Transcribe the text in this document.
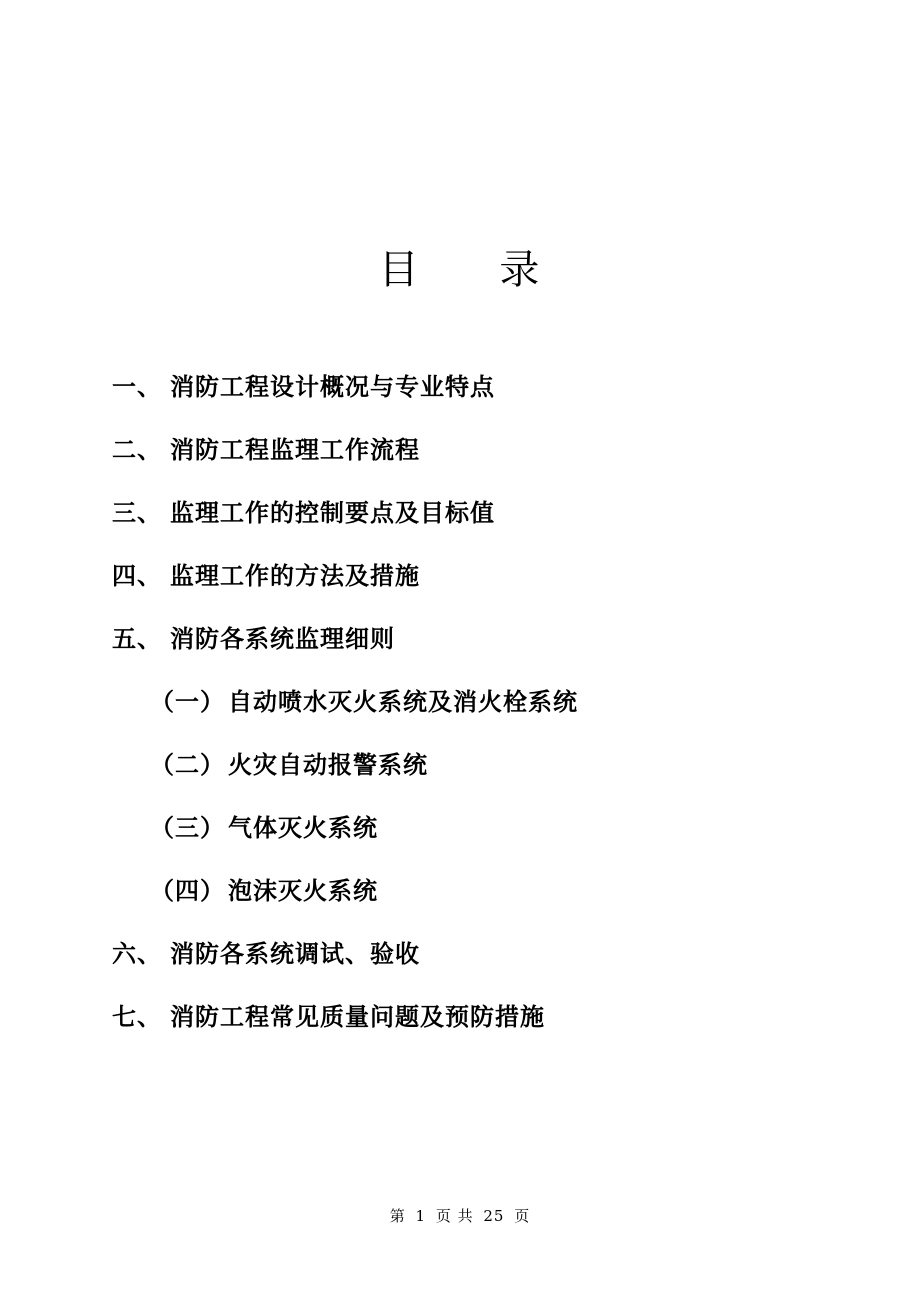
目 录
一、 消防工程设计概况与专业特点
二、 消防工程监理工作流程
三、 监理工作的控制要点及目标值
四、 监理工作的方法及措施
五、 消防各系统监理细则
（一） 自动喷水灭火系统及消火栓系统
（二） 火灾自动报警系统
（三） 气体灭火系统
（四） 泡沫灭火系统
六、 消防各系统调试、验收
七、 消防工程常见质量问题及预防措施
第 1 页 共 25 页
